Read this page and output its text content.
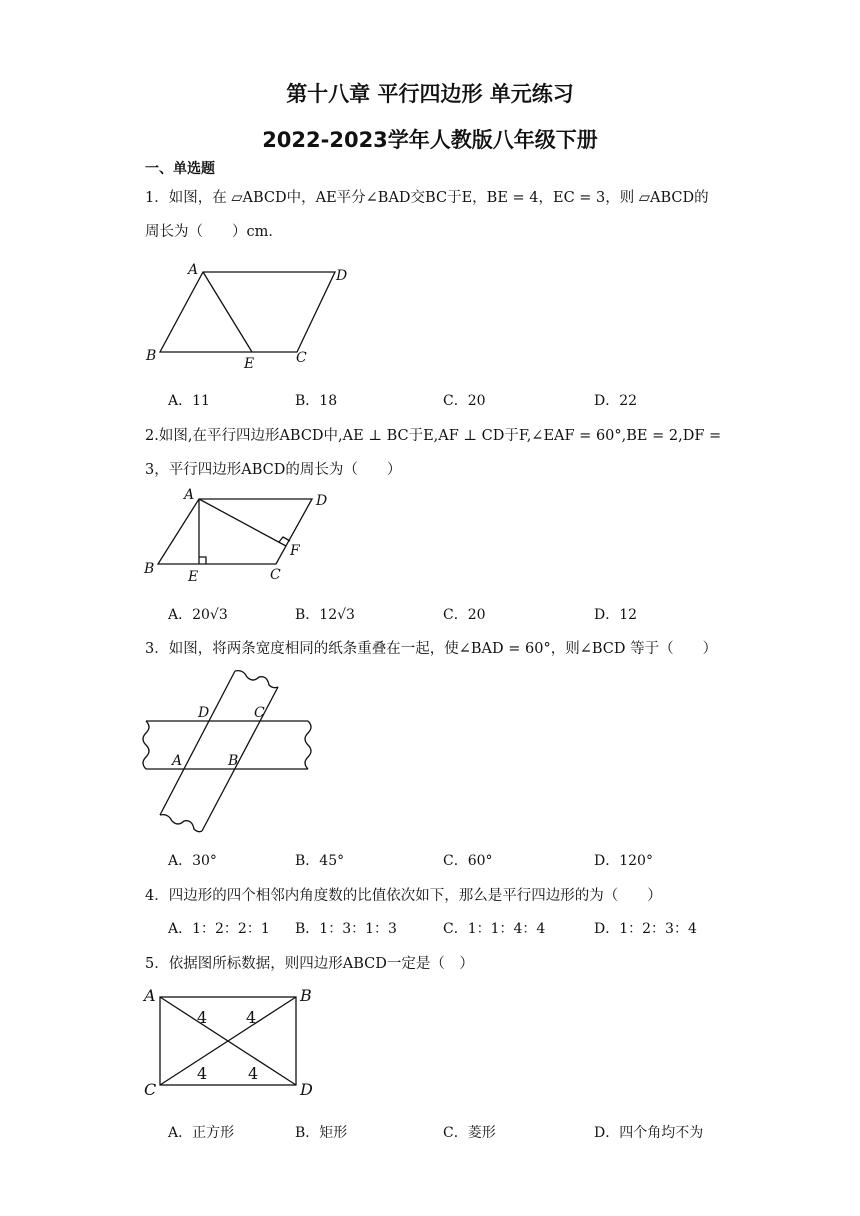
第十八章 平行四边形 单元练习
2022-2023学年人教版八年级下册
一、单选题
1．如图，在 ▱ABCD中，AE平分∠BAD交BC于E，BE = 4，EC = 3，则 ▱ABCD的
周长为（　　）cm．
A	D
B	E	C
A．11	B．18	C．20	D．22
2.如图,在平行四边形ABCD中,AE ⊥ BC于E,AF ⊥ CD于F,∠EAF = 60°,BE = 2,DF =
3，平行四边形ABCD的周长为（　　）
A	D
B E	C
F
A．20√3	B．12√3	C．20	D．12
3．如图，将两条宽度相同的纸条重叠在一起，使∠BAD = 60°，则∠BCD 等于（　　）
D	C
A	B
A．30°	B．45°	C．60°	D．120°
4．四边形的四个相邻内角度数的比值依次如下，那么是平行四边形的为（　　）
A．1：2：2：1 B．1：3：1：3	C．1：1：4：4	D．1：2：3：4
5．依据图所标数据，则四边形ABCD一定是（　）
A	B
C	D
4 4
4	4
A．正方形	B．矩形	C．菱形	D．四个角均不为
